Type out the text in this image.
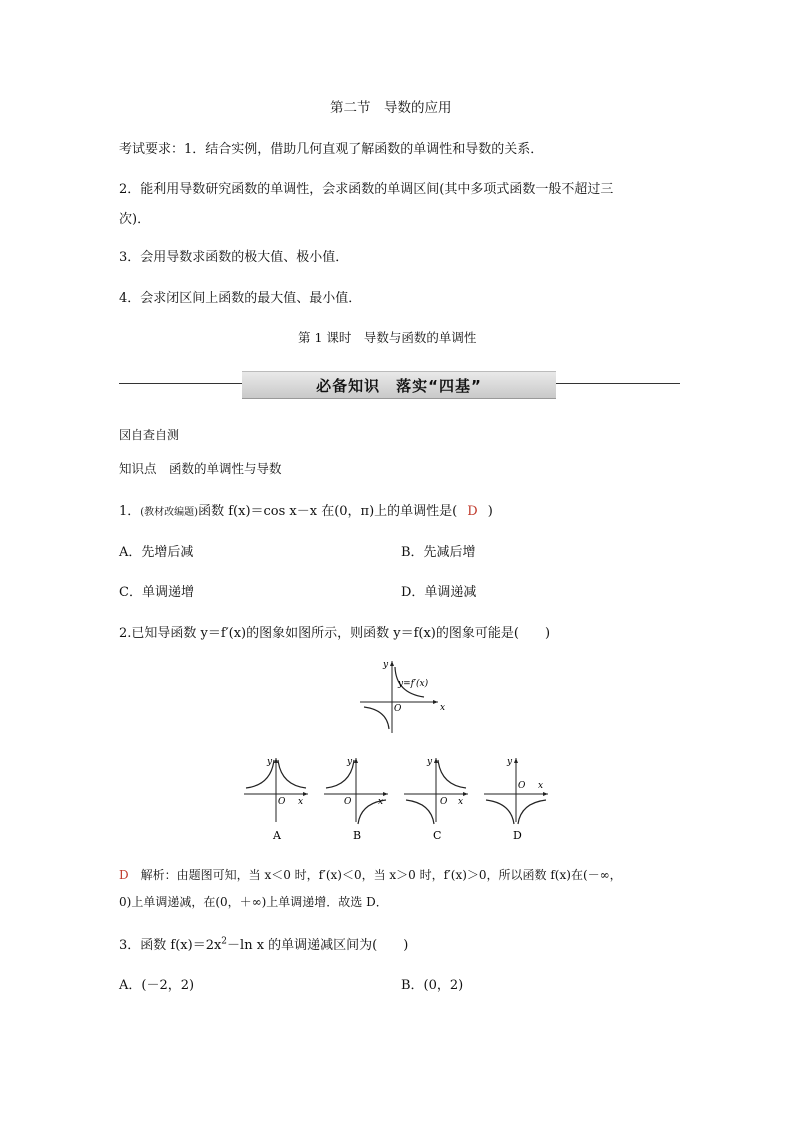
第二节　导数的应用
考试要求：1．结合实例，借助几何直观了解函数的单调性和导数的关系．
2．能利用导数研究函数的单调性，会求函数的单调区间(其中多项式函数一般不超过三
次)．
3．会用导数求函数的极大值、极小值．
4．会求闭区间上函数的最大值、最小值．
第 1 课时　导数与函数的单调性
必备知识　落实“四基”
㘝自查自测
知识点　函数的单调性与导数
1．(教材改编题)函数 f(x)＝cos x－x 在(0，π)上的单调性是( D )
A．先增后减	B．先减后增
C．单调递增	D．单调递减
2.已知导函数 y＝f′(x)的图象如图所示，则函数 y＝f(x)的图象可能是(　　)
y
x
O
y=f′(x)
y
O x
A
y
O	x
B
y
O x
C
y
O x
D
D 解析：由题图可知，当 x＜0 时，f′(x)＜0，当 x＞0 时，f′(x)＞0，所以函数 f(x)在(－∞，
0)上单调递减，在(0，＋∞)上单调递增．故选 D．
3．函数 $f(x)=2x^2-\ln$ x 的单调递减区间为(　　)
A．(－2，2)	B．(0，2)
